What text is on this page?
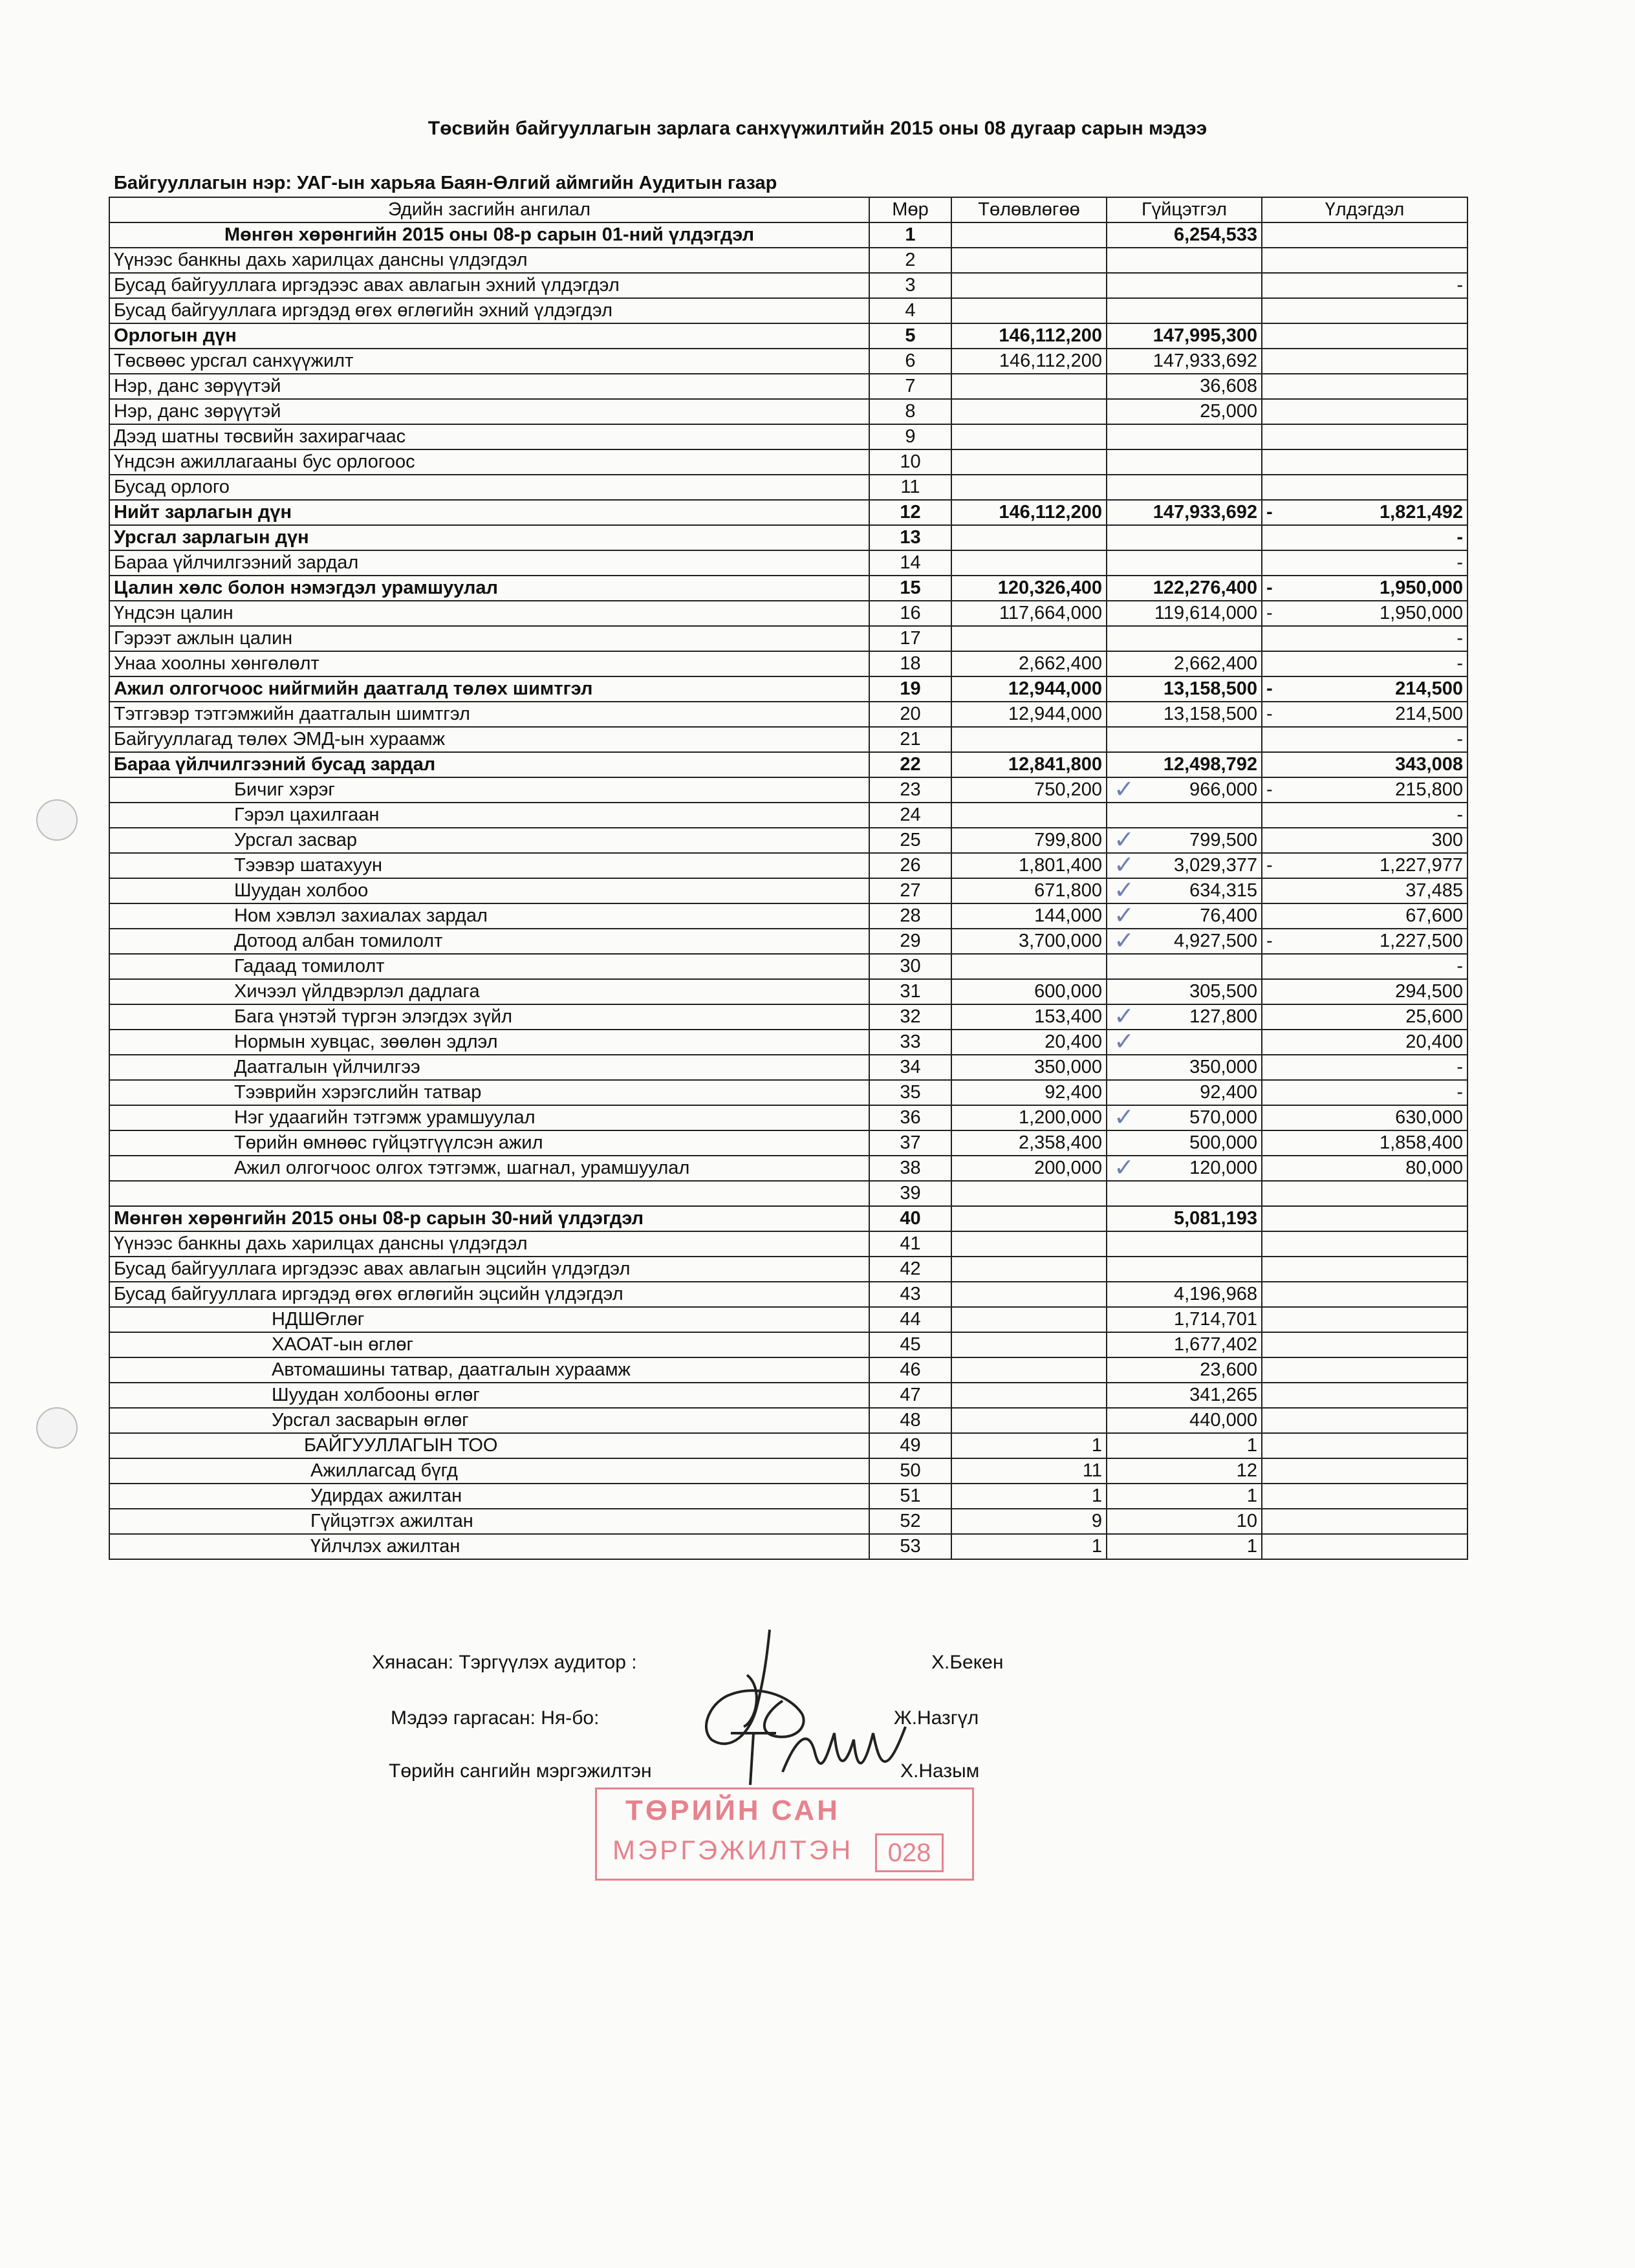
Төсвийн байгууллагын зарлага санхүүжилтийн 2015 оны 08 дугаар сарын мэдээ
Байгууллагын нэр: УАГ-ын харьяа Баян-Өлгий аймгийн Аудитын газар
Эдийн засгийн ангилал	Мөр	Төлөвлөгөө	Гүйцэтгэл	Үлдэгдэл
Мөнгөн хөрөнгийн 2015 оны 08-р сарын 01-ний үлдэгдэл	1		6,254,533	
Үүнээс банкны дахь харилцах дансны үлдэгдэл	2			
Бусад байгууллага иргэдээс авах авлагын эхний үлдэгдэл	3			-
Бусад байгууллага иргэдэд өгөх өглөгийн эхний үлдэгдэл	4			
Орлогын дүн	5	146,112,200	147,995,300	
Төсвөөс урсгал санхүүжилт	6	146,112,200	147,933,692	
Нэр, данс зөрүүтэй	7		36,608	
Нэр, данс зөрүүтэй	8		25,000	
Дээд шатны төсвийн захирагчаас	9			
Үндсэн ажиллагааны бус орлогоос	10			
Бусад орлого	11			
Нийт зарлагын дүн	12	146,112,200	147,933,692	- 1,821,492
Урсгал зарлагын дүн	13			-
Бараа үйлчилгээний зардал	14			-
Цалин хөлс болон нэмэгдэл урамшуулал	15	120,326,400	122,276,400	- 1,950,000
Үндсэн цалин	16	117,664,000	119,614,000	- 1,950,000
Гэрээт ажлын цалин	17			-
Унаа хоолны хөнгөлөлт	18	2,662,400	2,662,400	-
Ажил олгогчоос нийгмийн даатгалд төлөх шимтгэл	19	12,944,000	13,158,500	- 214,500
Тэтгэвэр тэтгэмжийн даатгалын шимтгэл	20	12,944,000	13,158,500	- 214,500
Байгууллагад төлөх ЭМД-ын хураамж	21			-
Бараа үйлчилгээний бусад зардал	22	12,841,800	12,498,792	343,008
Бичиг хэрэг	23	750,200	✓ 966,000	- 215,800
Гэрэл цахилгаан	24			-
Урсгал засвар	25	799,800	✓ 799,500	300
Тээвэр шатахуун	26	1,801,400	✓ 3,029,377	- 1,227,977
Шуудан холбоо	27	671,800	✓ 634,315	37,485
Ном хэвлэл захиалах зардал	28	144,000	✓ 76,400	67,600
Дотоод албан томилолт	29	3,700,000	✓ 4,927,500	- 1,227,500
Гадаад томилолт	30			-
Хичээл үйлдвэрлэл дадлага	31	600,000	305,500	294,500
Бага үнэтэй түргэн элэгдэх зүйл	32	153,400	✓ 127,800	25,600
Нормын хувцас, зөөлөн эдлэл	33	20,400	✓	20,400
Даатгалын үйлчилгээ	34	350,000	350,000	-
Тээврийн хэрэгслийн татвар	35	92,400	92,400	-
Нэг удаагийн тэтгэмж урамшуулал	36	1,200,000	✓ 570,000	630,000
Төрийн өмнөөс гүйцэтгүүлсэн ажил	37	2,358,400	500,000	1,858,400
Ажил олгогчоос олгох тэтгэмж, шагнал, урамшуулал	38	200,000	✓ 120,000	80,000
	39			
Мөнгөн хөрөнгийн 2015 оны 08-р сарын 30-ний үлдэгдэл	40		5,081,193	
Үүнээс банкны дахь харилцах дансны үлдэгдэл	41			
Бусад байгууллага иргэдээс авах авлагын эцсийн үлдэгдэл	42			
Бусад байгууллага иргэдэд өгөх өглөгийн эцсийн үлдэгдэл	43		4,196,968	
НДШӨглөг	44		1,714,701	
ХАОАТ-ын өглөг	45		1,677,402	
Автомашины татвар, даатгалын хураамж	46		23,600	
Шуудан холбооны өглөг	47		341,265	
Урсгал засварын өглөг	48		440,000	
БАЙГУУЛЛАГЫН ТОО	49	1	1	
Ажиллагсад бүгд	50	11	12	
Удирдах ажилтан	51	1	1	
Гүйцэтгэх ажилтан	52	9	10	
Үйлчлэх ажилтан	53	1	1	
Хянасан: Тэргүүлэх аудитор :	Х.Бекен
Мэдээ гаргасан: Ня-бо:	Ж.Назгүл
Төрийн сангийн мэргэжилтэн	Х.Назым
ТӨРИЙН САН
МЭРГЭЖИЛТЭН	028
